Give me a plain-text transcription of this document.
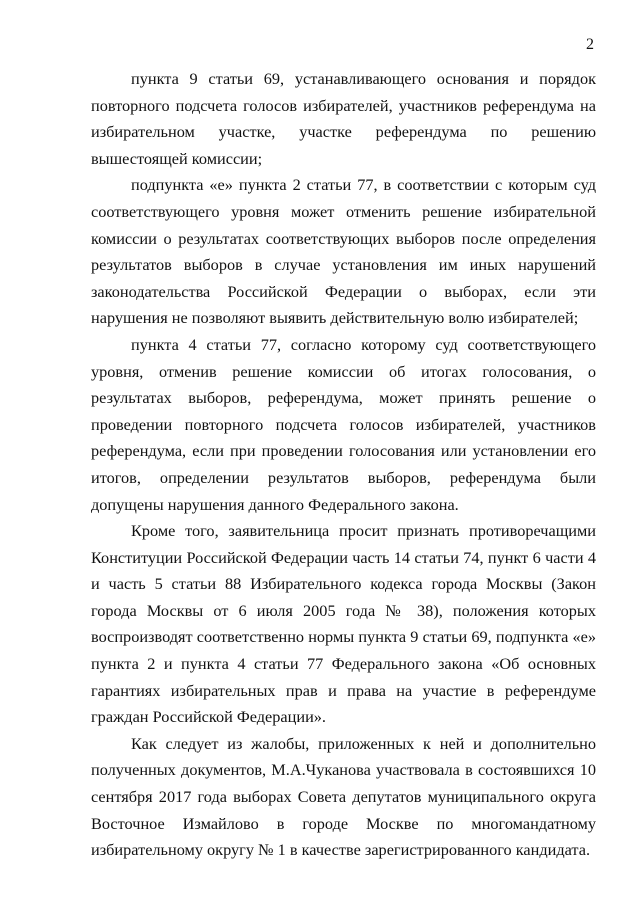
2

пункта 9 статьи 69, устанавливающего основания и порядок повторного подсчета голосов избирателей, участников референдума на избирательном участке, участке референдума по решению вышестоящей комиссии;

подпункта «е» пункта 2 статьи 77, в соответствии с которым суд соответствующего уровня может отменить решение избирательной комиссии о результатах соответствующих выборов после определения результатов выборов в случае установления им иных нарушений законодательства Российской Федерации о выборах, если эти нарушения не позволяют выявить действительную волю избирателей;

пункта 4 статьи 77, согласно которому суд соответствующего уровня, отменив решение комиссии об итогах голосования, о результатах выборов, референдума, может принять решение о проведении повторного подсчета голосов избирателей, участников референдума, если при проведении голосования или установлении его итогов, определении результатов выборов, референдума были допущены нарушения данного Федерального закона.

Кроме того, заявительница просит признать противоречащими Конституции Российской Федерации часть 14 статьи 74, пункт 6 части 4 и часть 5 статьи 88 Избирательного кодекса города Москвы (Закон города Москвы от 6 июля 2005 года № 38), положения которых воспроизводят соответственно нормы пункта 9 статьи 69, подпункта «е» пункта 2 и пункта 4 статьи 77 Федерального закона «Об основных гарантиях избирательных прав и права на участие в референдуме граждан Российской Федерации».

Как следует из жалобы, приложенных к ней и дополнительно полученных документов, М.А.Чуканова участвовала в состоявшихся 10 сентября 2017 года выборах Совета депутатов муниципального округа Восточное Измайлово в городе Москве по многомандатному избирательному округу № 1 в качестве зарегистрированного кандидата.
